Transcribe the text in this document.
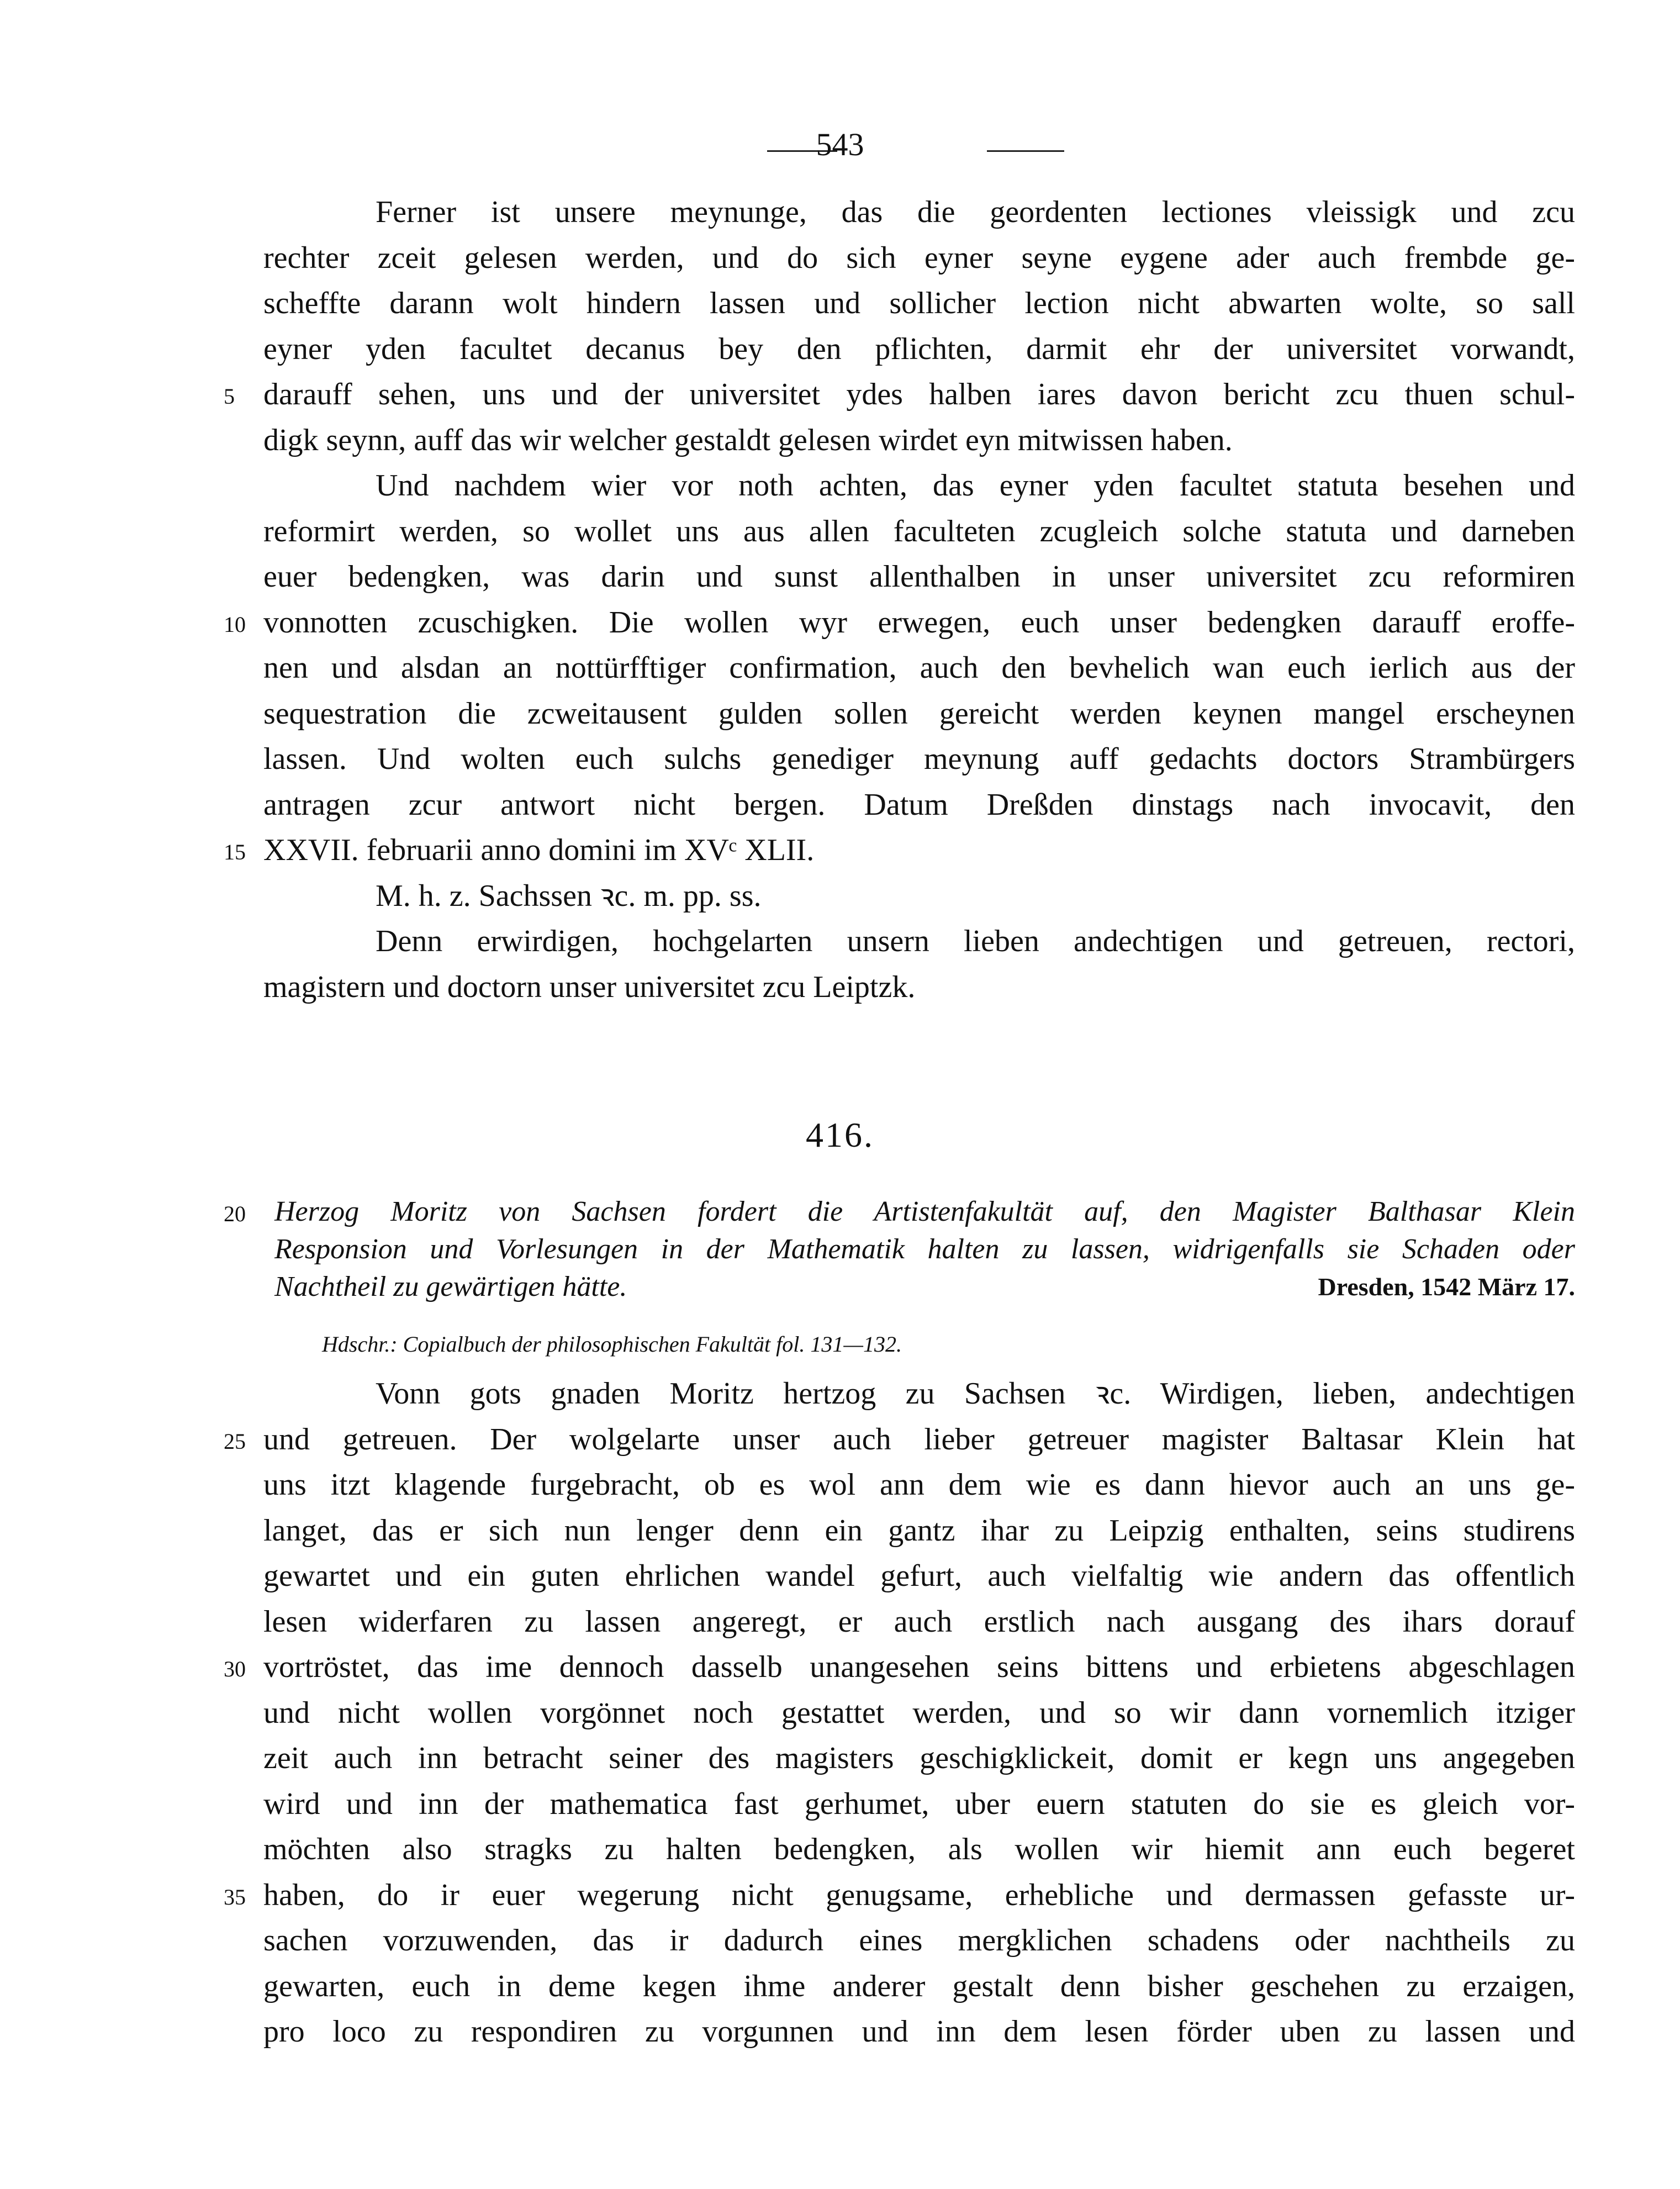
543
Ferner ist unsere meynunge, das die geordenten lectiones vleissigk und zcu
rechter zceit gelesen werden, und do sich eyner seyne eygene ader auch frembde ge-
scheffte darann wolt hindern lassen und sollicher lection nicht abwarten wolte, so sall
eyner yden facultet decanus bey den pflichten, darmit ehr der universitet vorwandt,
5 darauff sehen, uns und der universitet ydes halben iares davon bericht zcu thuen schul-
digk seynn, auff das wir welcher gestaldt gelesen wirdet eyn mitwissen haben.
Und nachdem wier vor noth achten, das eyner yden facultet statuta besehen und
reformirt werden, so wollet uns aus allen faculteten zcugleich solche statuta und darneben
euer bedengken, was darin und sunst allenthalben in unser universitet zcu reformiren
10 vonnotten zcuschigken. Die wollen wyr erwegen, euch unser bedengken darauff eroffe-
nen und alsdan an nottürfftiger confirmation, auch den bevhelich wan euch ierlich aus der
sequestration die zcweitausent gulden sollen gereicht werden keynen mangel erscheynen
lassen. Und wolten euch sulchs genediger meynung auff gedachts doctors Strambürgers
antragen zcur antwort nicht bergen. Datum Dreßden dinstags nach invocavit, den
15 XXVII. februarii anno domini im XVᶜ XLII.
M. h. z. Sachssen ꝛc. m. pp. ss.
Denn erwirdigen, hochgelarten unsern lieben andechtigen und getreuen, rectori,
magistern und doctorn unser universitet zcu Leiptzk.
416.
20 Herzog Moritz von Sachsen fordert die Artistenfakultät auf, den Magister Balthasar Klein
Responsion und Vorlesungen in der Mathematik halten zu lassen, widrigenfalls sie Schaden oder
Nachtheil zu gewärtigen hätte.	Dresden, 1542 März 17.
Hdschr.: Copialbuch der philosophischen Fakultät fol. 131—132.
Vonn gots gnaden Moritz hertzog zu Sachsen ꝛc. Wirdigen, lieben, andechtigen
25 und getreuen. Der wolgelarte unser auch lieber getreuer magister Baltasar Klein hat
uns itzt klagende furgebracht, ob es wol ann dem wie es dann hievor auch an uns ge-
langet, das er sich nun lenger denn ein gantz ihar zu Leipzig enthalten, seins studirens
gewartet und ein guten ehrlichen wandel gefurt, auch vielfaltig wie andern das offentlich
lesen widerfaren zu lassen angeregt, er auch erstlich nach ausgang des ihars dorauf
30 vortröstet, das ime dennoch dasselb unangesehen seins bittens und erbietens abgeschlagen
und nicht wollen vorgönnet noch gestattet werden, und so wir dann vornemlich itziger
zeit auch inn betracht seiner des magisters geschigklickeit, domit er kegn uns angegeben
wird und inn der mathematica fast gerhumet, uber euern statuten do sie es gleich vor-
möchten also stragks zu halten bedengken, als wollen wir hiemit ann euch begeret
35 haben, do ir euer wegerung nicht genugsame, erhebliche und dermassen gefasste ur-
sachen vorzuwenden, das ir dadurch eines mergklichen schadens oder nachtheils zu
gewarten, euch in deme kegen ihme anderer gestalt denn bisher geschehen zu erzaigen,
pro loco zu respondiren zu vorgunnen und inn dem lesen förder uben zu lassen und
